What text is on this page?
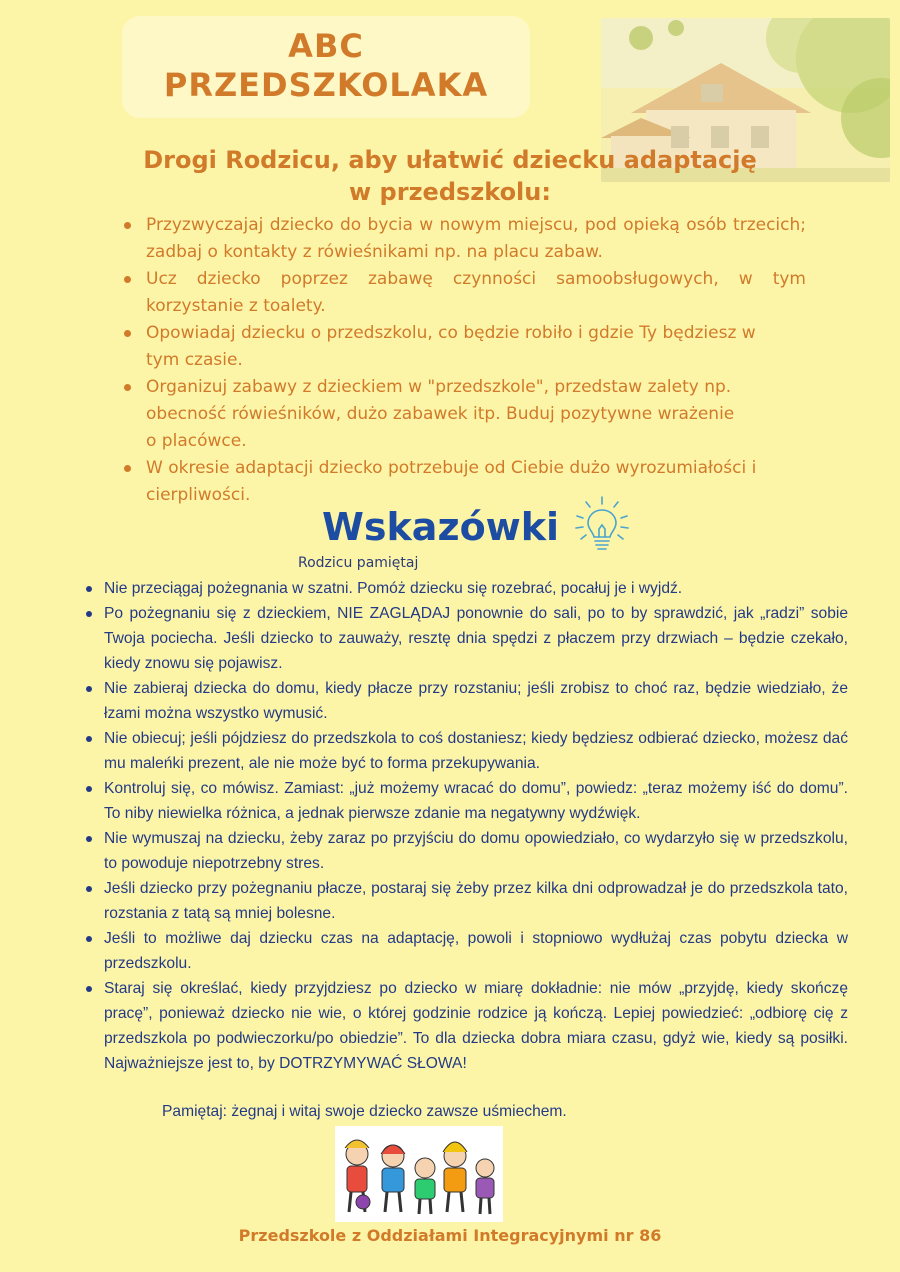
ABC
PRZEDSZKOLAKA
Drogi Rodzicu, aby ułatwić dziecku adaptację
w przedszkolu:
Przyzwyczajaj dziecko do bycia w nowym miejscu, pod opieką osób trzecich; zadbaj o kontakty z rówieśnikami np. na placu zabaw.
Ucz dziecko poprzez zabawę czynności samoobsługowych, w tym korzystanie z toalety.
Opowiadaj dziecku o przedszkolu, co będzie robiło i gdzie Ty będziesz w tym czasie.
Organizuj zabawy z dzieckiem w "przedszkole", przedstaw zalety np. obecność rówieśników, dużo zabawek itp. Buduj pozytywne wrażenie o placówce.
W okresie adaptacji dziecko potrzebuje od Ciebie dużo wyrozumiałości i cierpliwości.
Wskazówki
Rodzicu pamiętaj
Nie przeciągaj pożegnania w szatni. Pomóż dziecku się rozebrać, pocałuj je i wyjdź.
Po pożegnaniu się z dzieckiem, NIE ZAGLĄDAJ ponownie do sali, po to by sprawdzić, jak „radzi” sobie Twoja pociecha. Jeśli dziecko to zauważy, resztę dnia spędzi z płaczem przy drzwiach – będzie czekało, kiedy znowu się pojawisz.
Nie zabieraj dziecka do domu, kiedy płacze przy rozstaniu; jeśli zrobisz to choć raz, będzie wiedziało, że łzami można wszystko wymusić.
Nie obiecuj; jeśli pójdziesz do przedszkola to coś dostaniesz; kiedy będziesz odbierać dziecko, możesz dać mu maleńki prezent, ale nie może być to forma przekupywania.
Kontroluj się, co mówisz. Zamiast: „już możemy wracać do domu”, powiedz: „teraz możemy iść do domu”. To niby niewielka różnica, a jednak pierwsze zdanie ma negatywny wydźwięk.
Nie wymuszaj na dziecku, żeby zaraz po przyjściu do domu opowiedziało, co wydarzyło się w przedszkolu, to powoduje niepotrzebny stres.
Jeśli dziecko przy pożegnaniu płacze, postaraj się żeby przez kilka dni odprowadzał je do przedszkola tato, rozstania z tatą są mniej bolesne.
Jeśli to możliwe daj dziecku czas na adaptację, powoli i stopniowo wydłużaj czas pobytu dziecka w przedszkolu.
Staraj się określać, kiedy przyjdziesz po dziecko w miarę dokładnie: nie mów „przyjdę, kiedy skończę pracę”, ponieważ dziecko nie wie, o której godzinie rodzice ją kończą. Lepiej powiedzieć: „odbiorę cię z przedszkola po podwieczorku/po obiedzie”. To dla dziecka dobra miara czasu, gdyż wie, kiedy są posiłki. Najważniejsze jest to, by DOTRZYMYWAĆ SŁOWA!
Pamiętaj: żegnaj i witaj swoje dziecko zawsze uśmiechem.
Przedszkole z Oddziałami Integracyjnymi nr 86
